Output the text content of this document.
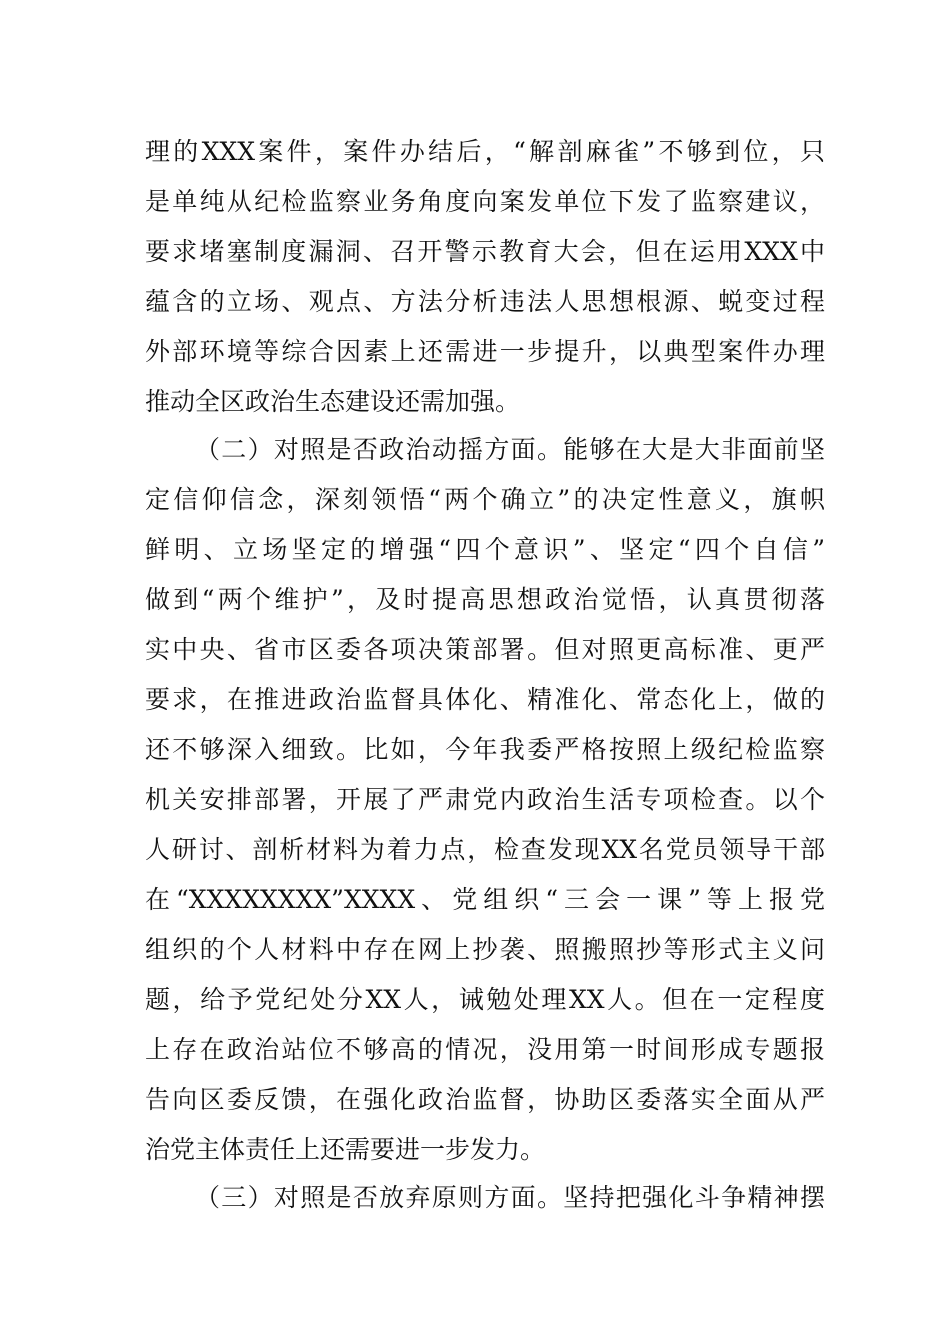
理的XXX案件，案件办结后，“解剖麻雀”不够到位，只
是单纯从纪检监察业务角度向案发单位下发了监察建议，
要求堵塞制度漏洞、召开警示教育大会，但在运用XXX中
蕴含的立场、观点、方法分析违法人思想根源、蜕变过程
外部环境等综合因素上还需进一步提升，以典型案件办理
推动全区政治生态建设还需加强。
（二）对照是否政治动摇方面。能够在大是大非面前坚
定信仰信念，深刻领悟“两个确立”的决定性意义，旗帜
鲜明、立场坚定的增强“四个意识”、坚定“四个自信”
做到“两个维护”，及时提高思想政治觉悟，认真贯彻落
实中央、省市区委各项决策部署。但对照更高标准、更严
要求，在推进政治监督具体化、精准化、常态化上，做的
还不够深入细致。比如，今年我委严格按照上级纪检监察
机关安排部署，开展了严肃党内政治生活专项检查。以个
人研讨、剖析材料为着力点，检查发现XX名党员领导干部
在“XXXXXXXX”XXXX、党组织“三会一课”等上报党
组织的个人材料中存在网上抄袭、照搬照抄等形式主义问
题，给予党纪处分XX人，诫勉处理XX人。但在一定程度
上存在政治站位不够高的情况，没用第一时间形成专题报
告向区委反馈，在强化政治监督，协助区委落实全面从严
治党主体责任上还需要进一步发力。
（三）对照是否放弃原则方面。坚持把强化斗争精神摆
